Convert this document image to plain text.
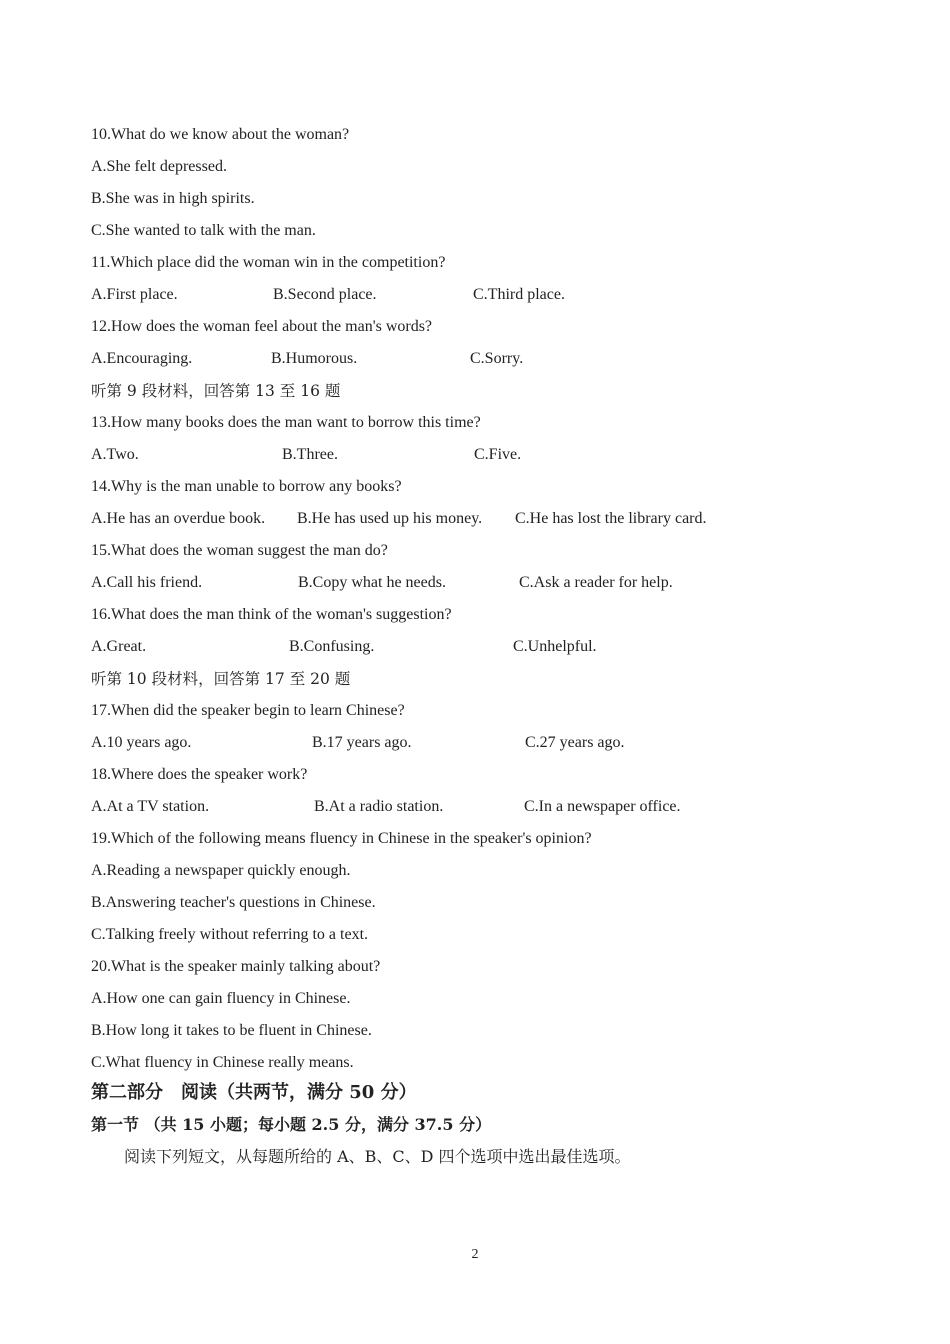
10.What do we know about the woman?
A.She felt depressed.
B.She was in high spirits.
C.She wanted to talk with the man.
11.Which place did the woman win in the competition?
A.First place.	B.Second place.	C.Third place.
12.How does the woman feel about the man's words?
A.Encouraging.	B.Humorous.	C.Sorry.
听第 9 段材料，回答第 13 至 16 题
13.How many books does the man want to borrow this time?
A.Two.	B.Three.	C.Five.
14.Why is the man unable to borrow any books?
A.He has an overdue book. B.He has used up his money. C.He has lost the library card.
15.What does the woman suggest the man do?
A.Call his friend.	B.Copy what he needs.	C.Ask a reader for help.
16.What does the man think of the woman's suggestion?
A.Great.	B.Confusing.	C.Unhelpful.
听第 10 段材料，回答第 17 至 20 题
17.When did the speaker begin to learn Chinese?
A.10 years ago.	B.17 years ago.	C.27 years ago.
18.Where does the speaker work?
A.At a TV station.	B.At a radio station.	C.In a newspaper office.
19.Which of the following means fluency in Chinese in the speaker's opinion?
A.Reading a newspaper quickly enough.
B.Answering teacher's questions in Chinese.
C.Talking freely without referring to a text.
20.What is the speaker mainly talking about?
A.How one can gain fluency in Chinese.
B.How long it takes to be fluent in Chinese.
C.What fluency in Chinese really means.
第二部分　阅读（共两节，满分 50 分）
第一节 （共 15 小题；每小题 2.5 分，满分 37.5 分）
阅读下列短文，从每题所给的 A、B、C、D 四个选项中选出最佳选项。
2
